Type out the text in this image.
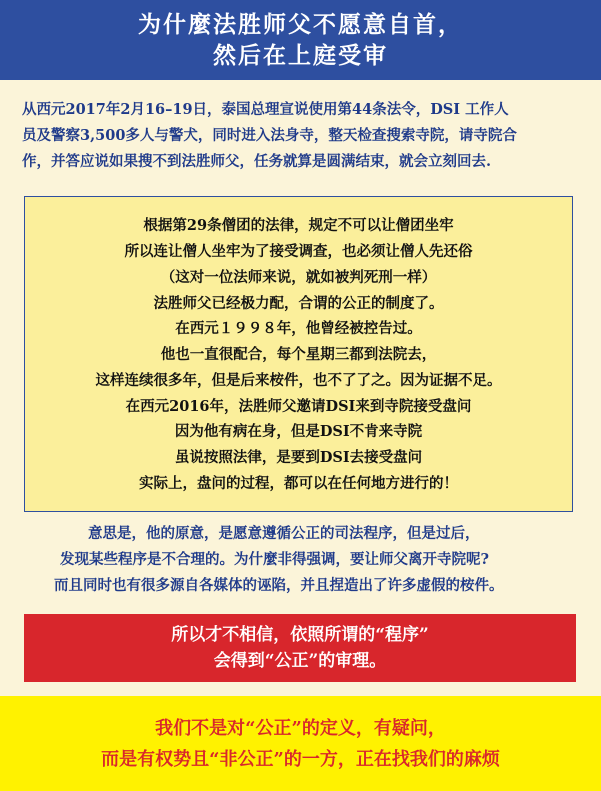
为什麼法胜师父不愿意自首，
然后在上庭受审
从西元2017年2月16–19日，泰国总理宣说使用第44条法令，DSI 工作人
员及警察3,500多人与警犬，同时进入法身寺，整天检查搜索寺院，请寺院合
作，并答应说如果搜不到法胜师父，任务就算是圆满结束，就会立刻回去.
根据第29条僧团的法律，规定不可以让僧团坐牢
所以连让僧人坐牢为了接受调查，也必须让僧人先还俗
（这对一位法师来说，就如被判死刑一样）
法胜师父已经极力配，合谓的公正的制度了。
在西元１９９８年，他曾经被控告过。
他也一直很配合，每个星期三都到法院去，
这样连续很多年，但是后来桉件，也不了了之。因为证据不足。
在西元2016年，法胜师父邀请DSI来到寺院接受盘问
因为他有病在身，但是DSI不肯来寺院
虽说按照法律，是要到DSI去接受盘问
实际上，盘问的过程，都可以在任何地方进行的！
意思是，他的原意，是愿意遵循公正的司法程序，但是过后，
发现某些程序是不合理的。为什麼非得强调，要让师父离开寺院呢?
而且同时也有很多源自各媒体的诬陷，并且捏造出了许多虚假的桉件。
所以才不相信，依照所谓的“程序”
会得到“公正”的审理。
我们不是对“公正”的定义，有疑问，
而是有权势且“非公正”的一方，正在找我们的麻烦
